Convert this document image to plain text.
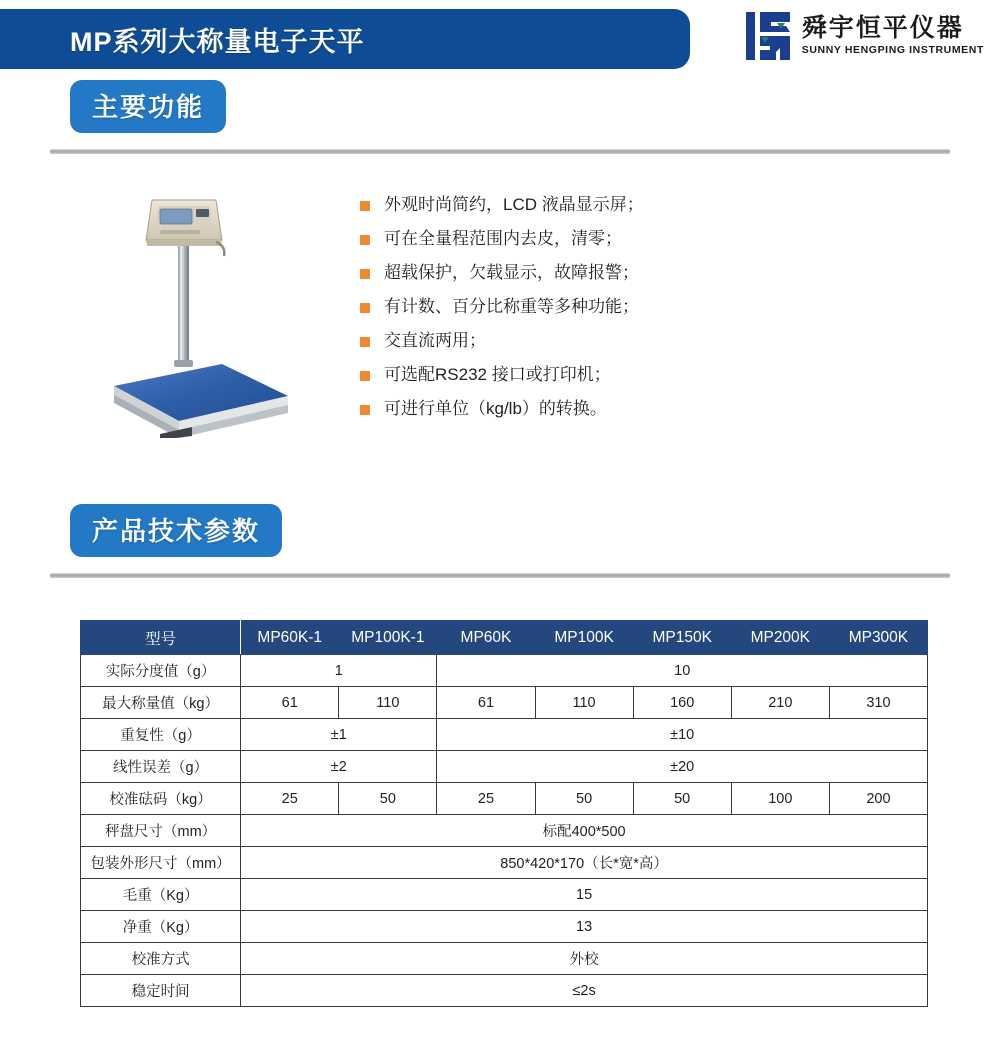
MP系列大称量电子天平	舜宇恒平仪器
SUNNY HENGPING INSTRUMENT
主要功能
外观时尚简约，LCD 液晶显示屏；
可在全量程范围内去皮，清零；
超载保护，欠载显示，故障报警；
有计数、百分比称重等多种功能；
交直流两用；
可选配RS232 接口或打印机；
可进行单位（kg/lb）的转换。
产品技术参数
型号	MP60K-1	MP100K-1	MP60K	MP100K	MP150K	MP200K	MP300K
实际分度值（g）	1		10				
最大称量值（kg）	61	110	61	110	160	210	310
重复性（g）	±1		±10				
线性误差（g）	±2		±20				
校准砝码（kg）	25	50	25	50	50	100	200
秤盘尺寸（mm）	标配400*500						
包装外形尺寸（mm）	850*420*170（长*宽*高）						
毛重（Kg）	15						
净重（Kg）	13						
校准方式	外校						
稳定时间	≤2s						
